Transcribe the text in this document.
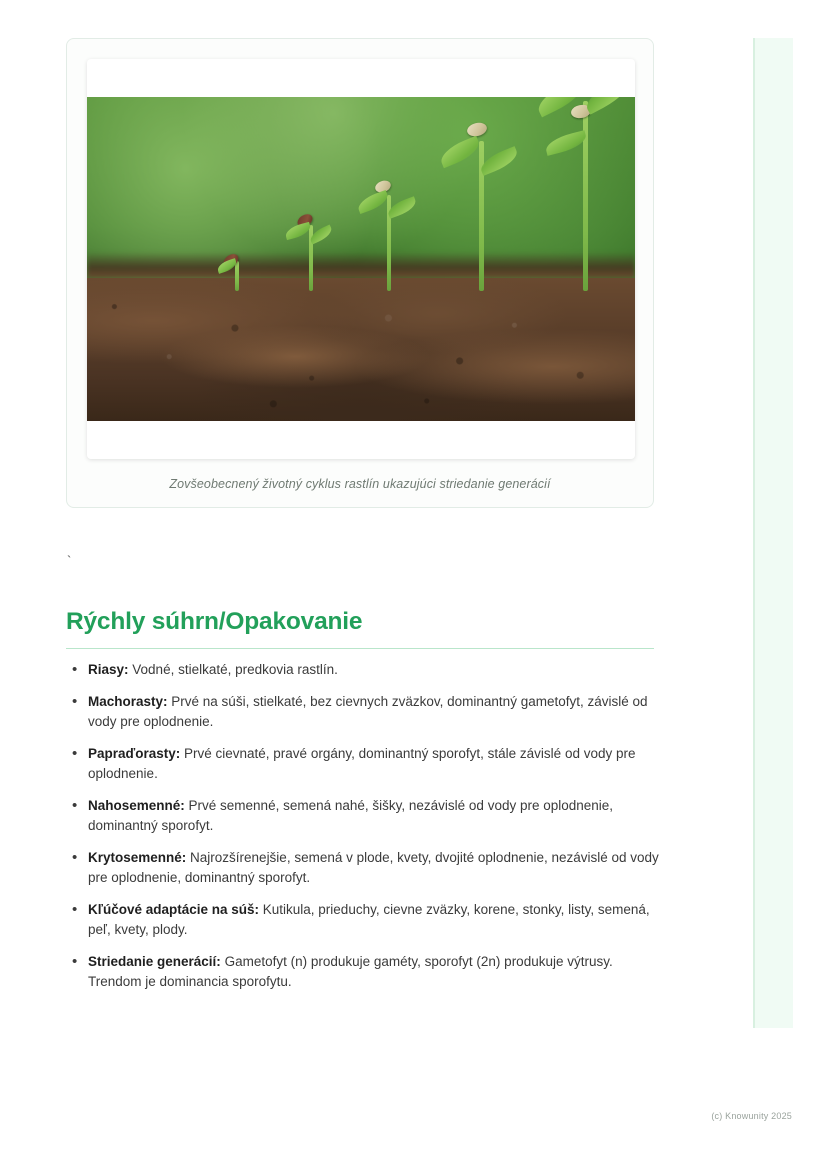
Zovšeobecnený životný cyklus rastlín ukazujúci striedanie generácií
`
Rýchly súhrn/Opakovanie
• Riasy: Vodné, stielkaté, predkovia rastlín.
• Machorasty: Prvé na súši, stielkaté, bez cievnych zväzkov, dominantný gametofyt, závislé od vody pre oplodnenie.
• Papraďorasty: Prvé cievnaté, pravé orgány, dominantný sporofyt, stále závislé od vody pre oplodnenie.
• Nahosemenné: Prvé semenné, semená nahé, šišky, nezávislé od vody pre oplodnenie, dominantný sporofyt.
• Krytosemenné: Najrozšírenejšie, semená v plode, kvety, dvojité oplodnenie, nezávislé od vody pre oplodnenie, dominantný sporofyt.
• Kľúčové adaptácie na súš: Kutikula, prieduchy, cievne zväzky, korene, stonky, listy, semená, peľ, kvety, plody.
• Striedanie generácií: Gametofyt (n) produkuje gaméty, sporofyt (2n) produkuje výtrusy. Trendom je dominancia sporofytu.
(c) Knowunity 2025
